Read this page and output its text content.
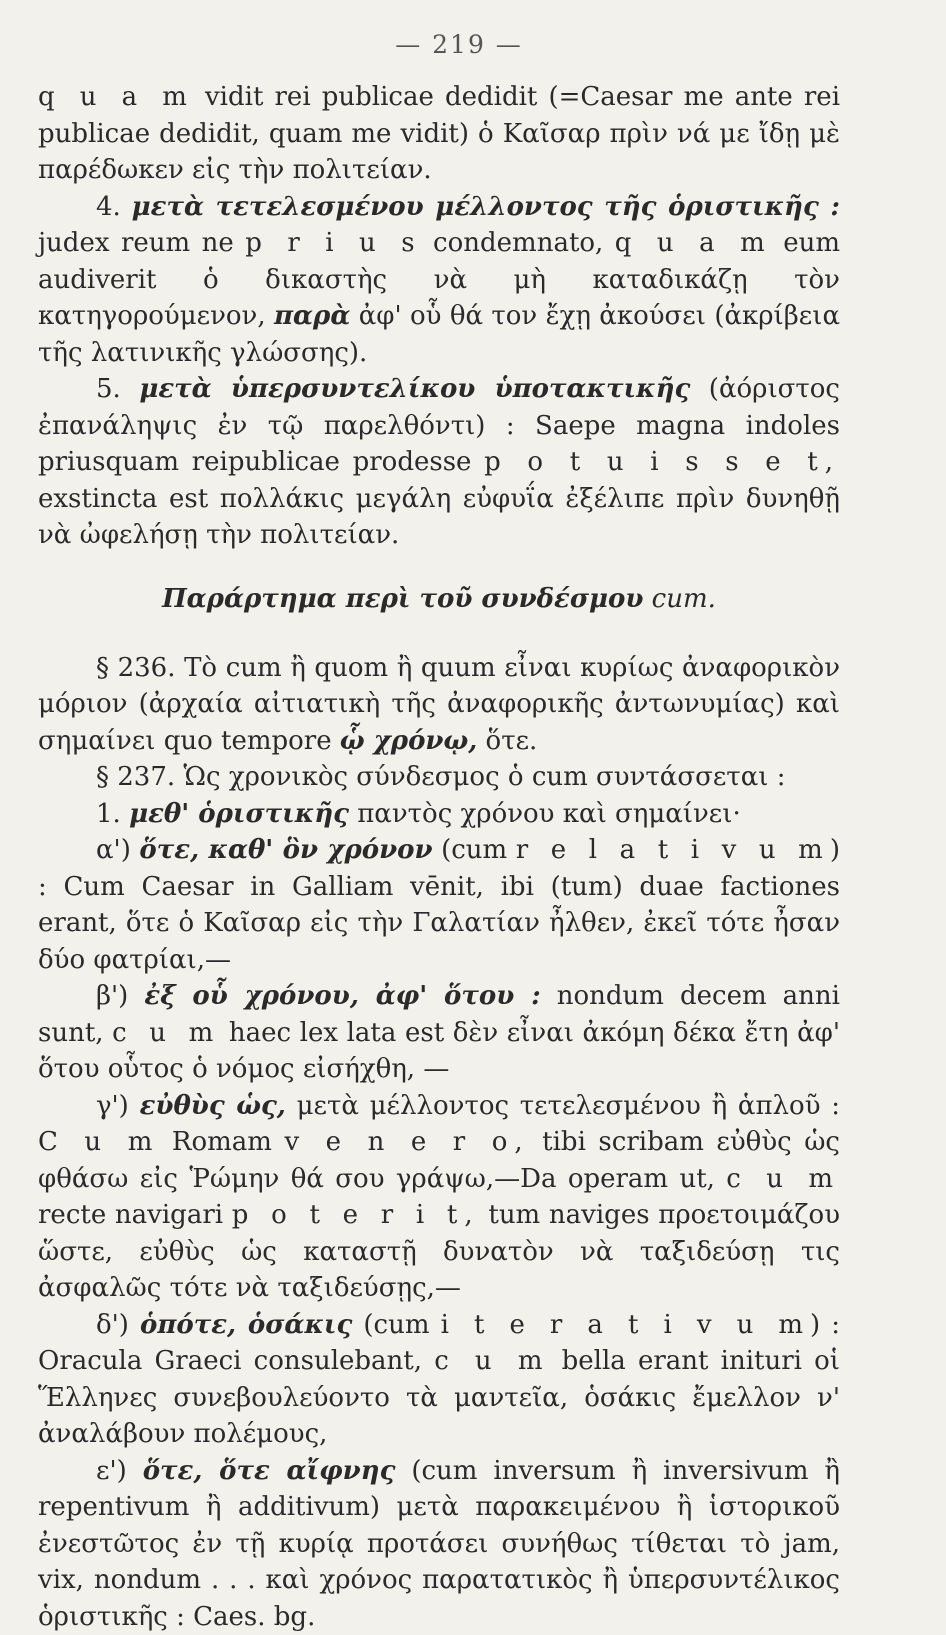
— 219 —

q u a m vidit rei publicae dedidit (=Caesar me ante rei publicae dedidit, quam me vidit) ὁ Καῖσαρ πρὶν νά με ἴδῃ μὲ παρέδωκεν εἰς τὴν πολιτείαν.

4. μετὰ τετελεσμένου μέλλοντος τῆς ὁριστικῆς : judex reum ne p r i u s condemnato, q u a m eum audiverit ὁ δικαστὴς νὰ μὴ καταδικάζῃ τὸν κατηγορούμενον, παρὰ ἀφ' οὗ θά τον ἔχῃ ἀκούσει (ἀκρίβεια τῆς λατινικῆς γλώσσης).

5. μετὰ ὑπερσυντελίκου ὑποτακτικῆς (ἀόριστος ἐπανάληψις ἐν τῷ παρελθόντι) : Saepe magna indoles priusquam reipublicae prodesse p o t u i s s e t, exstincta est πολλάκις μεγάλη εὐφυΐα ἐξέλιπε πρὶν δυνηθῇ νὰ ὠφελήσῃ τὴν πολιτείαν.

Παράρτημα περὶ τοῦ συνδέσμου cum.

§ 236. Τὸ cum ἢ quom ἢ quum εἶναι κυρίως ἀναφορικὸν μόριον (ἀρχαία αἰτιατικὴ τῆς ἀναφορικῆς ἀντωνυμίας) καὶ σημαίνει quo tempore ᾧ χρόνῳ, ὅτε.

§ 237. Ὡς χρονικὸς σύνδεσμος ὁ cum συντάσσεται :

1. μεθ' ὁριστικῆς παντὸς χρόνου καὶ σημαίνει·

α') ὅτε, καθ' ὃν χρόνον (cum r e l a t i v u m) : Cum Caesar in Galliam vēnit, ibi (tum) duae factiones erant, ὅτε ὁ Καῖσαρ εἰς τὴν Γαλατίαν ἦλθεν, ἐκεῖ τότε ἦσαν δύο φατρίαι,—

β') ἐξ οὗ χρόνου, ἀφ' ὅτου : nondum decem anni sunt, c u m haec lex lata est δὲν εἶναι ἀκόμη δέκα ἔτη ἀφ' ὅτου οὗτος ὁ νόμος εἰσήχθη, —

γ') εὐθὺς ὡς, μετὰ μέλλοντος τετελεσμένου ἢ ἁπλοῦ : C u m Romam v e n e r o, tibi scribam εὐθὺς ὡς φθάσω εἰς Ῥώμην θά σου γράψω,—Da operam ut, c u m recte navigari p o t e r i t, tum naviges προετοιμάζου ὥστε, εὐθὺς ὡς καταστῇ δυνατὸν νὰ ταξιδεύσῃ τις ἀσφαλῶς τότε νὰ ταξιδεύσῃς,—

δ') ὁπότε, ὁσάκις (cum i t e r a t i v u m) : Oracula Graeci consulebant, c u m bella erant inituri οἱ Ἕλληνες συνεβουλεύοντο τὰ μαντεῖα, ὁσάκις ἔμελλον ν' ἀναλάβουν πολέμους,

ε') ὅτε, ὅτε αἴφνης (cum inversum ἢ inversivum ἢ repentivum ἢ additivum) μετὰ παρακειμένου ἢ ἱστορικοῦ ἐνεστῶτος ἐν τῇ κυρίᾳ προτάσει συνήθως τίθεται τὸ jam, vix, nondum . . . καὶ χρόνος παρατατικὸς ἢ ὑπερσυντέλικος ὁριστικῆς : Caes. bg.
